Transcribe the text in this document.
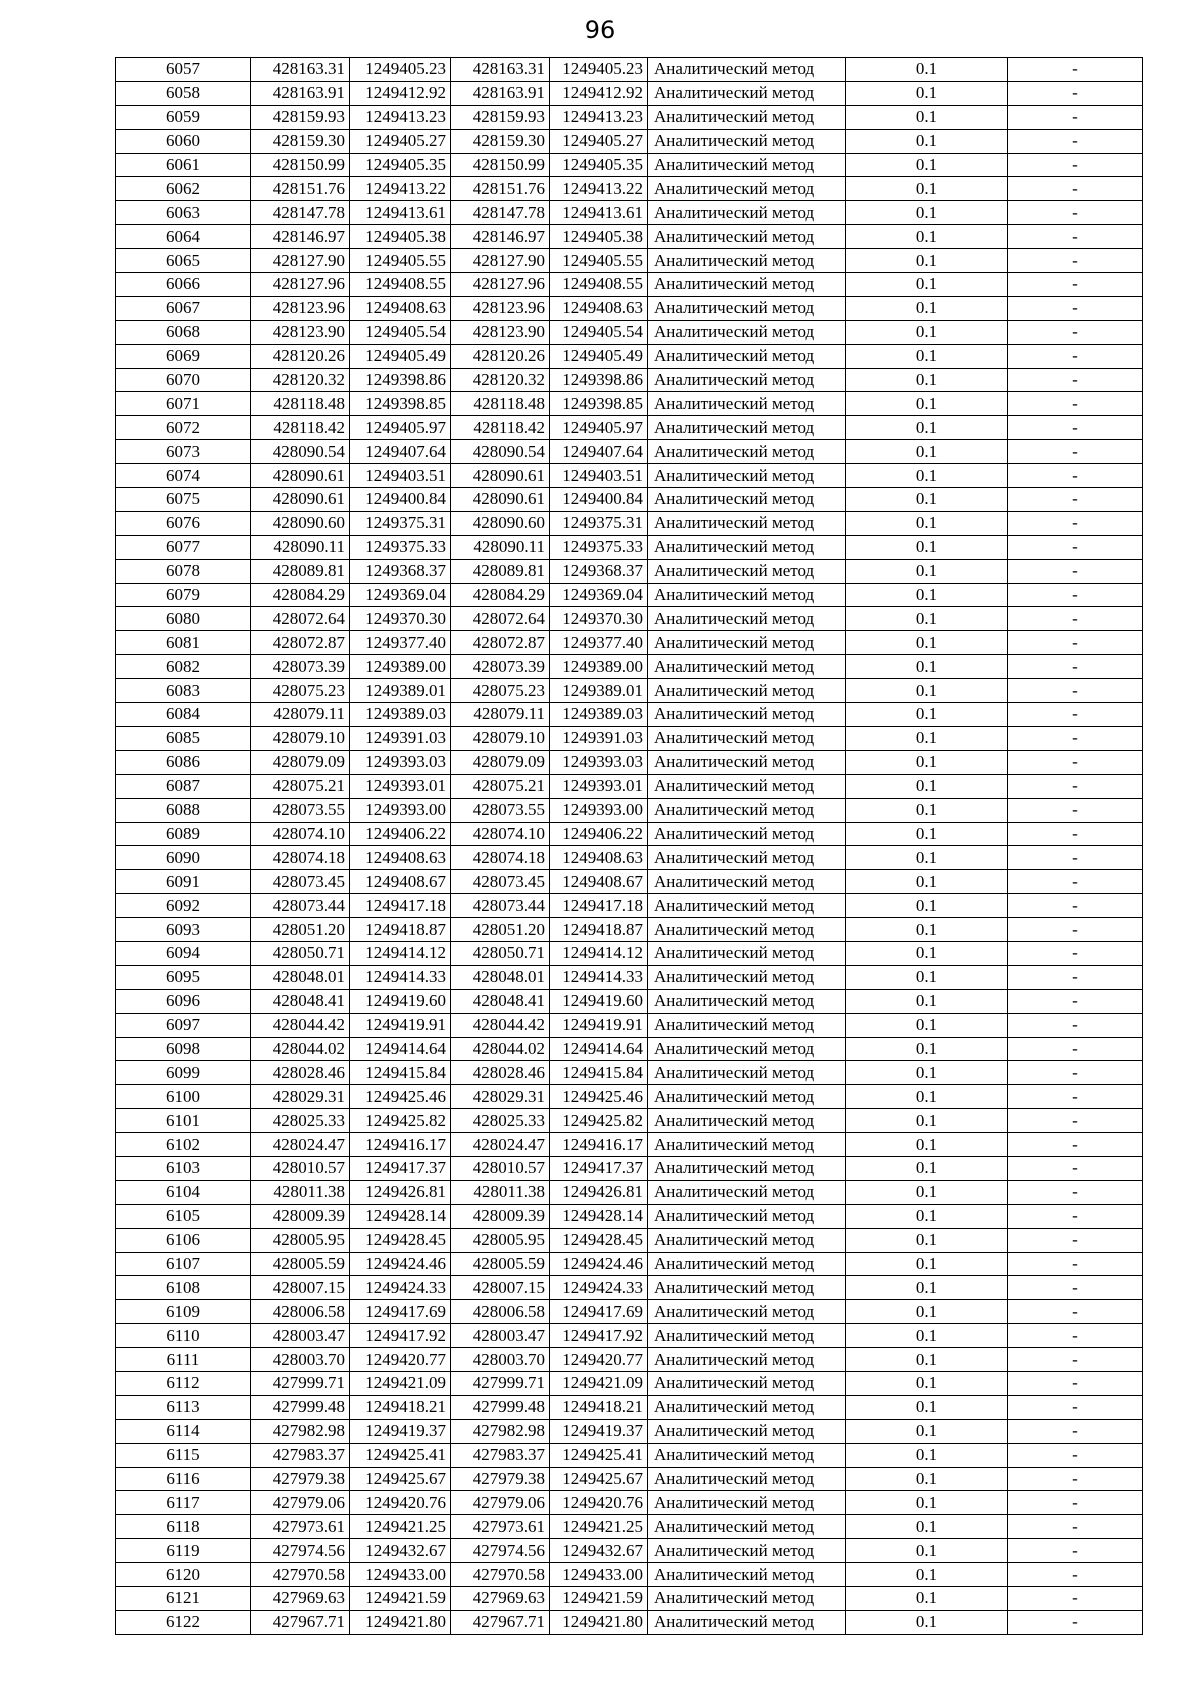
96
6057	428163.31	1249405.23	428163.31	1249405.23	Аналитический метод	0.1	-
6058	428163.91	1249412.92	428163.91	1249412.92	Аналитический метод	0.1	-
6059	428159.93	1249413.23	428159.93	1249413.23	Аналитический метод	0.1	-
6060	428159.30	1249405.27	428159.30	1249405.27	Аналитический метод	0.1	-
6061	428150.99	1249405.35	428150.99	1249405.35	Аналитический метод	0.1	-
6062	428151.76	1249413.22	428151.76	1249413.22	Аналитический метод	0.1	-
6063	428147.78	1249413.61	428147.78	1249413.61	Аналитический метод	0.1	-
6064	428146.97	1249405.38	428146.97	1249405.38	Аналитический метод	0.1	-
6065	428127.90	1249405.55	428127.90	1249405.55	Аналитический метод	0.1	-
6066	428127.96	1249408.55	428127.96	1249408.55	Аналитический метод	0.1	-
6067	428123.96	1249408.63	428123.96	1249408.63	Аналитический метод	0.1	-
6068	428123.90	1249405.54	428123.90	1249405.54	Аналитический метод	0.1	-
6069	428120.26	1249405.49	428120.26	1249405.49	Аналитический метод	0.1	-
6070	428120.32	1249398.86	428120.32	1249398.86	Аналитический метод	0.1	-
6071	428118.48	1249398.85	428118.48	1249398.85	Аналитический метод	0.1	-
6072	428118.42	1249405.97	428118.42	1249405.97	Аналитический метод	0.1	-
6073	428090.54	1249407.64	428090.54	1249407.64	Аналитический метод	0.1	-
6074	428090.61	1249403.51	428090.61	1249403.51	Аналитический метод	0.1	-
6075	428090.61	1249400.84	428090.61	1249400.84	Аналитический метод	0.1	-
6076	428090.60	1249375.31	428090.60	1249375.31	Аналитический метод	0.1	-
6077	428090.11	1249375.33	428090.11	1249375.33	Аналитический метод	0.1	-
6078	428089.81	1249368.37	428089.81	1249368.37	Аналитический метод	0.1	-
6079	428084.29	1249369.04	428084.29	1249369.04	Аналитический метод	0.1	-
6080	428072.64	1249370.30	428072.64	1249370.30	Аналитический метод	0.1	-
6081	428072.87	1249377.40	428072.87	1249377.40	Аналитический метод	0.1	-
6082	428073.39	1249389.00	428073.39	1249389.00	Аналитический метод	0.1	-
6083	428075.23	1249389.01	428075.23	1249389.01	Аналитический метод	0.1	-
6084	428079.11	1249389.03	428079.11	1249389.03	Аналитический метод	0.1	-
6085	428079.10	1249391.03	428079.10	1249391.03	Аналитический метод	0.1	-
6086	428079.09	1249393.03	428079.09	1249393.03	Аналитический метод	0.1	-
6087	428075.21	1249393.01	428075.21	1249393.01	Аналитический метод	0.1	-
6088	428073.55	1249393.00	428073.55	1249393.00	Аналитический метод	0.1	-
6089	428074.10	1249406.22	428074.10	1249406.22	Аналитический метод	0.1	-
6090	428074.18	1249408.63	428074.18	1249408.63	Аналитический метод	0.1	-
6091	428073.45	1249408.67	428073.45	1249408.67	Аналитический метод	0.1	-
6092	428073.44	1249417.18	428073.44	1249417.18	Аналитический метод	0.1	-
6093	428051.20	1249418.87	428051.20	1249418.87	Аналитический метод	0.1	-
6094	428050.71	1249414.12	428050.71	1249414.12	Аналитический метод	0.1	-
6095	428048.01	1249414.33	428048.01	1249414.33	Аналитический метод	0.1	-
6096	428048.41	1249419.60	428048.41	1249419.60	Аналитический метод	0.1	-
6097	428044.42	1249419.91	428044.42	1249419.91	Аналитический метод	0.1	-
6098	428044.02	1249414.64	428044.02	1249414.64	Аналитический метод	0.1	-
6099	428028.46	1249415.84	428028.46	1249415.84	Аналитический метод	0.1	-
6100	428029.31	1249425.46	428029.31	1249425.46	Аналитический метод	0.1	-
6101	428025.33	1249425.82	428025.33	1249425.82	Аналитический метод	0.1	-
6102	428024.47	1249416.17	428024.47	1249416.17	Аналитический метод	0.1	-
6103	428010.57	1249417.37	428010.57	1249417.37	Аналитический метод	0.1	-
6104	428011.38	1249426.81	428011.38	1249426.81	Аналитический метод	0.1	-
6105	428009.39	1249428.14	428009.39	1249428.14	Аналитический метод	0.1	-
6106	428005.95	1249428.45	428005.95	1249428.45	Аналитический метод	0.1	-
6107	428005.59	1249424.46	428005.59	1249424.46	Аналитический метод	0.1	-
6108	428007.15	1249424.33	428007.15	1249424.33	Аналитический метод	0.1	-
6109	428006.58	1249417.69	428006.58	1249417.69	Аналитический метод	0.1	-
6110	428003.47	1249417.92	428003.47	1249417.92	Аналитический метод	0.1	-
6111	428003.70	1249420.77	428003.70	1249420.77	Аналитический метод	0.1	-
6112	427999.71	1249421.09	427999.71	1249421.09	Аналитический метод	0.1	-
6113	427999.48	1249418.21	427999.48	1249418.21	Аналитический метод	0.1	-
6114	427982.98	1249419.37	427982.98	1249419.37	Аналитический метод	0.1	-
6115	427983.37	1249425.41	427983.37	1249425.41	Аналитический метод	0.1	-
6116	427979.38	1249425.67	427979.38	1249425.67	Аналитический метод	0.1	-
6117	427979.06	1249420.76	427979.06	1249420.76	Аналитический метод	0.1	-
6118	427973.61	1249421.25	427973.61	1249421.25	Аналитический метод	0.1	-
6119	427974.56	1249432.67	427974.56	1249432.67	Аналитический метод	0.1	-
6120	427970.58	1249433.00	427970.58	1249433.00	Аналитический метод	0.1	-
6121	427969.63	1249421.59	427969.63	1249421.59	Аналитический метод	0.1	-
6122	427967.71	1249421.80	427967.71	1249421.80	Аналитический метод	0.1	-
